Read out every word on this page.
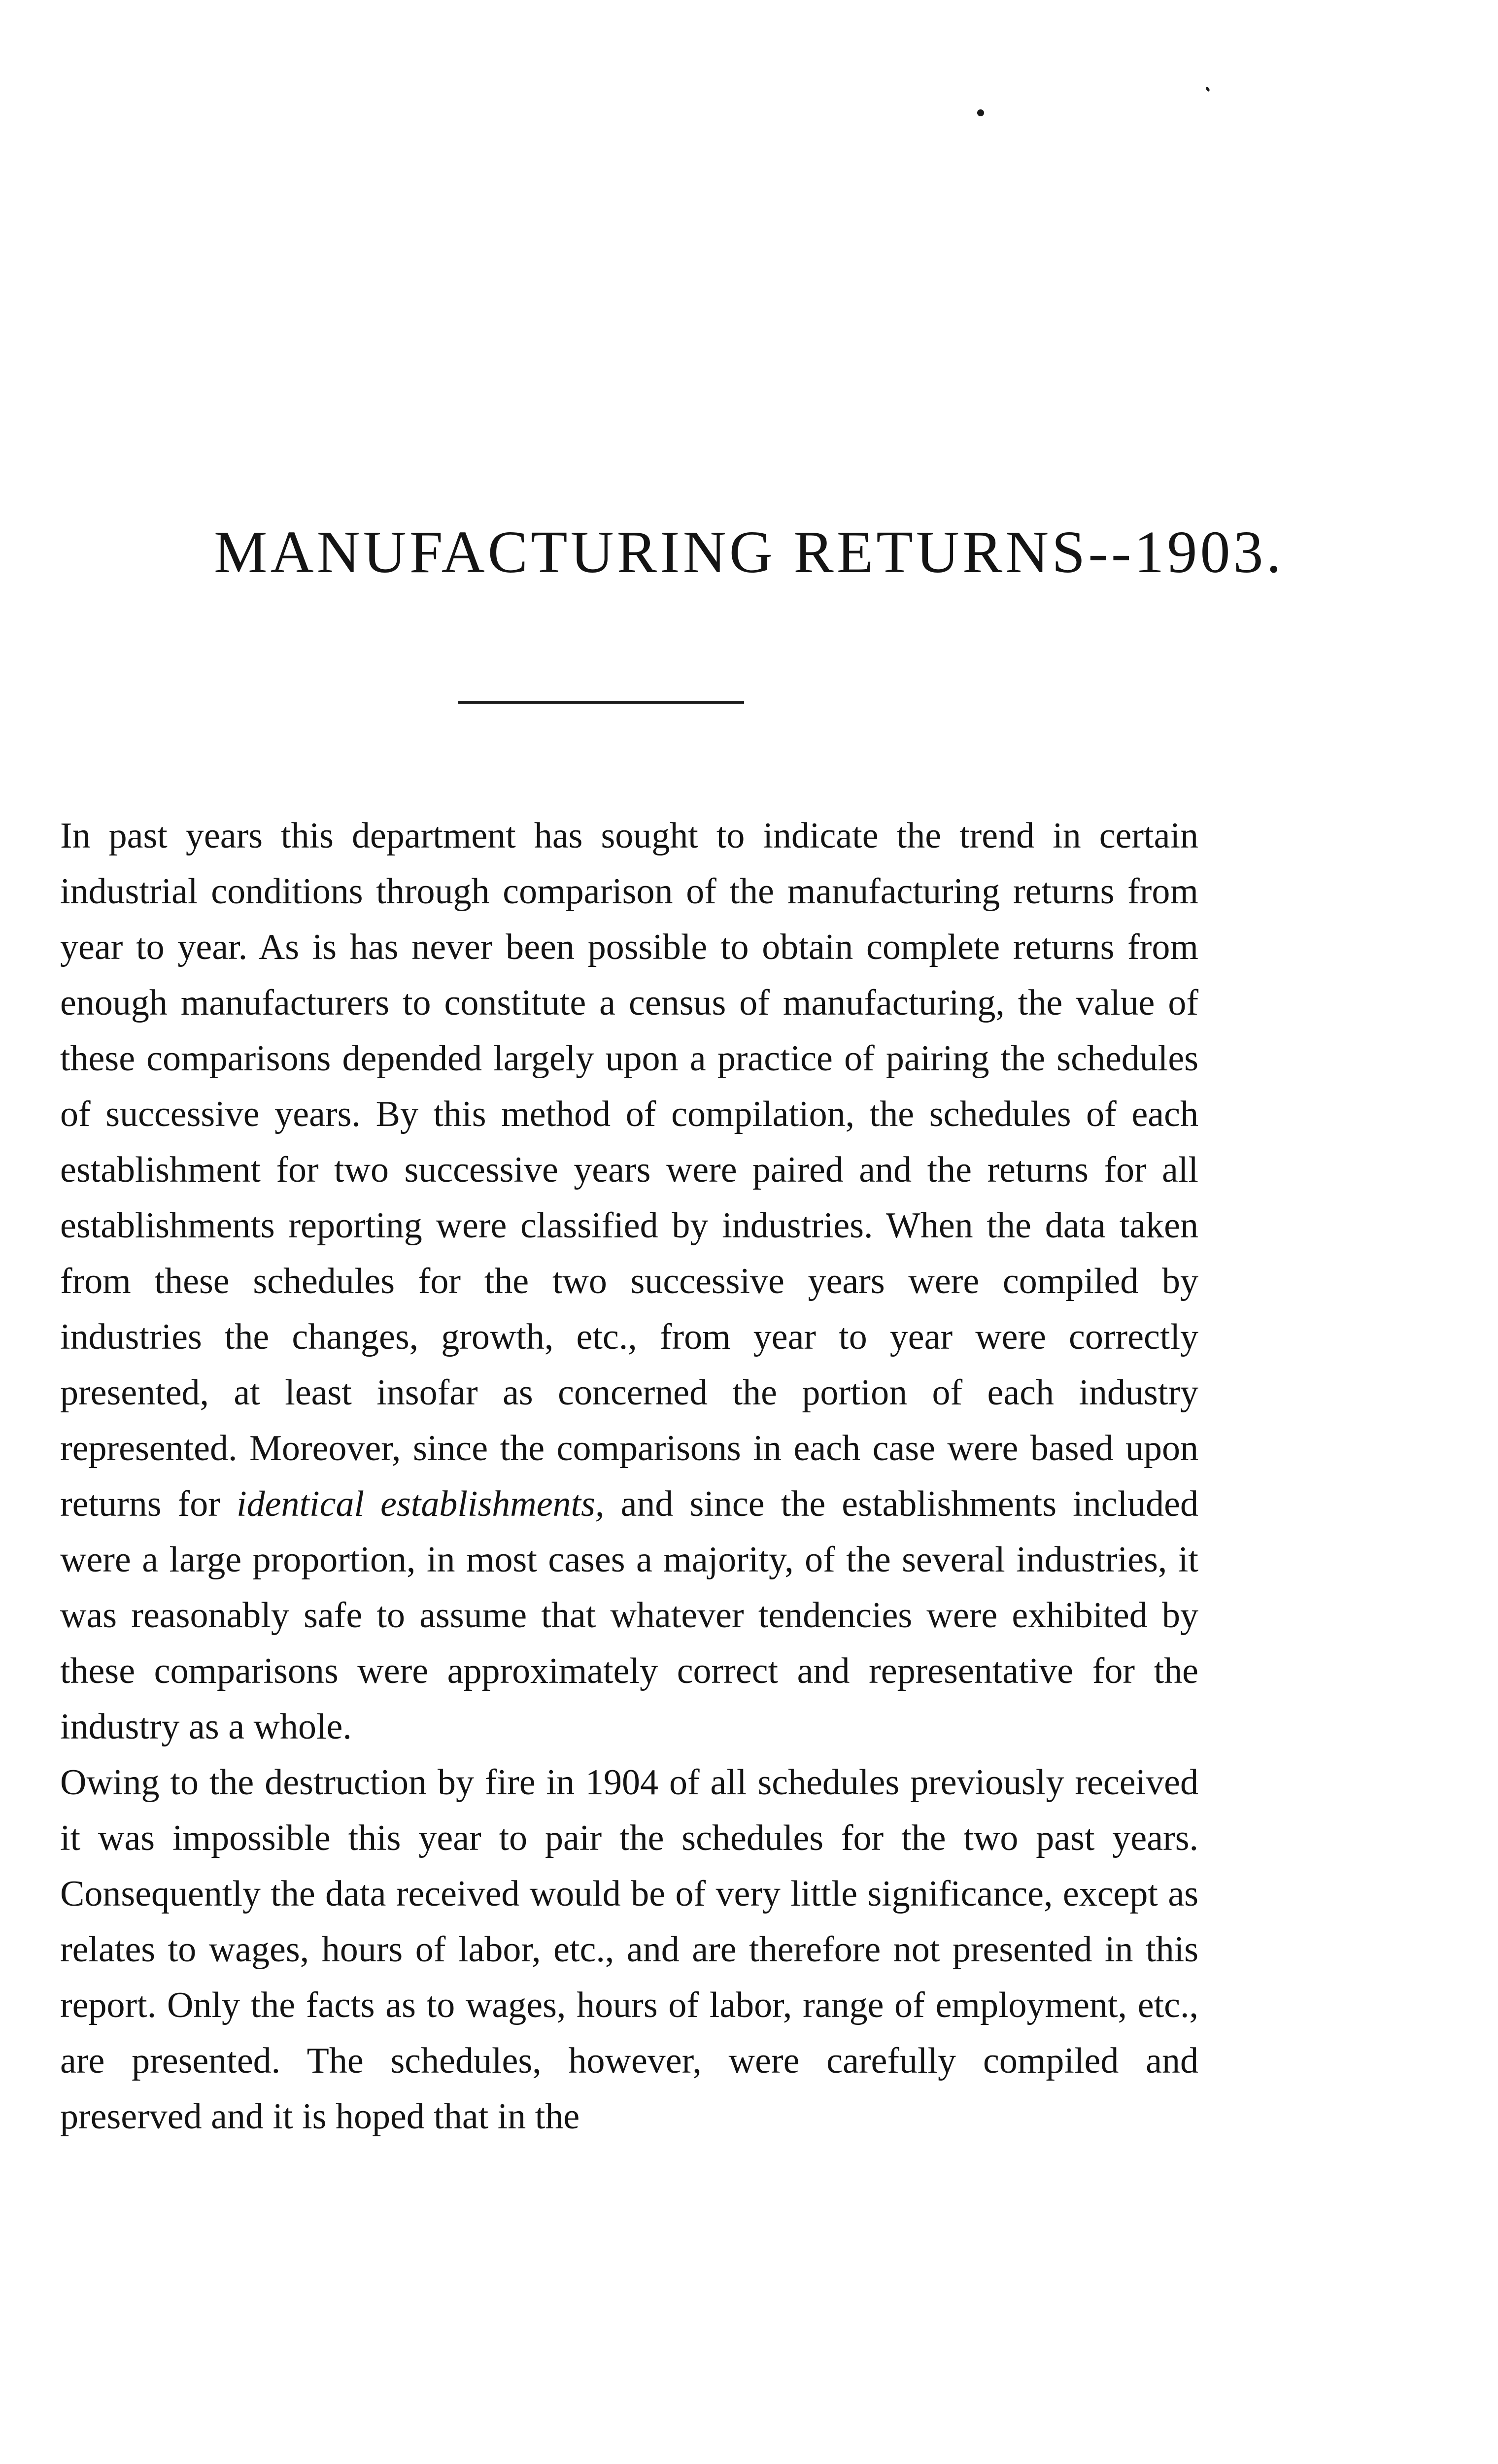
MANUFACTURING RETURNS--1903.

In past years this department has sought to indicate the trend in certain industrial conditions through comparison of the manufacturing returns from year to year. As is has never been possible to obtain complete returns from enough manufacturers to constitute a census of manufacturing, the value of these comparisons depended largely upon a practice of pairing the schedules of successive years. By this method of compilation, the schedules of each establishment for two successive years were paired and the returns for all establishments reporting were classified by industries. When the data taken from these schedules for the two successive years were compiled by industries the changes, growth, etc., from year to year were correctly presented, at least insofar as concerned the portion of each industry represented. Moreover, since the comparisons in each case were based upon returns for identical establishments, and since the establishments included were a large proportion, in most cases a majority, of the several industries, it was reasonably safe to assume that whatever tendencies were exhibited by these comparisons were approximately correct and representative for the industry as a whole.

Owing to the destruction by fire in 1904 of all schedules previously received it was impossible this year to pair the schedules for the two past years. Consequently the data received would be of very little significance, except as relates to wages, hours of labor, etc., and are therefore not presented in this report. Only the facts as to wages, hours of labor, range of employment, etc., are presented. The schedules, however, were carefully compiled and preserved and it is hoped that in the
